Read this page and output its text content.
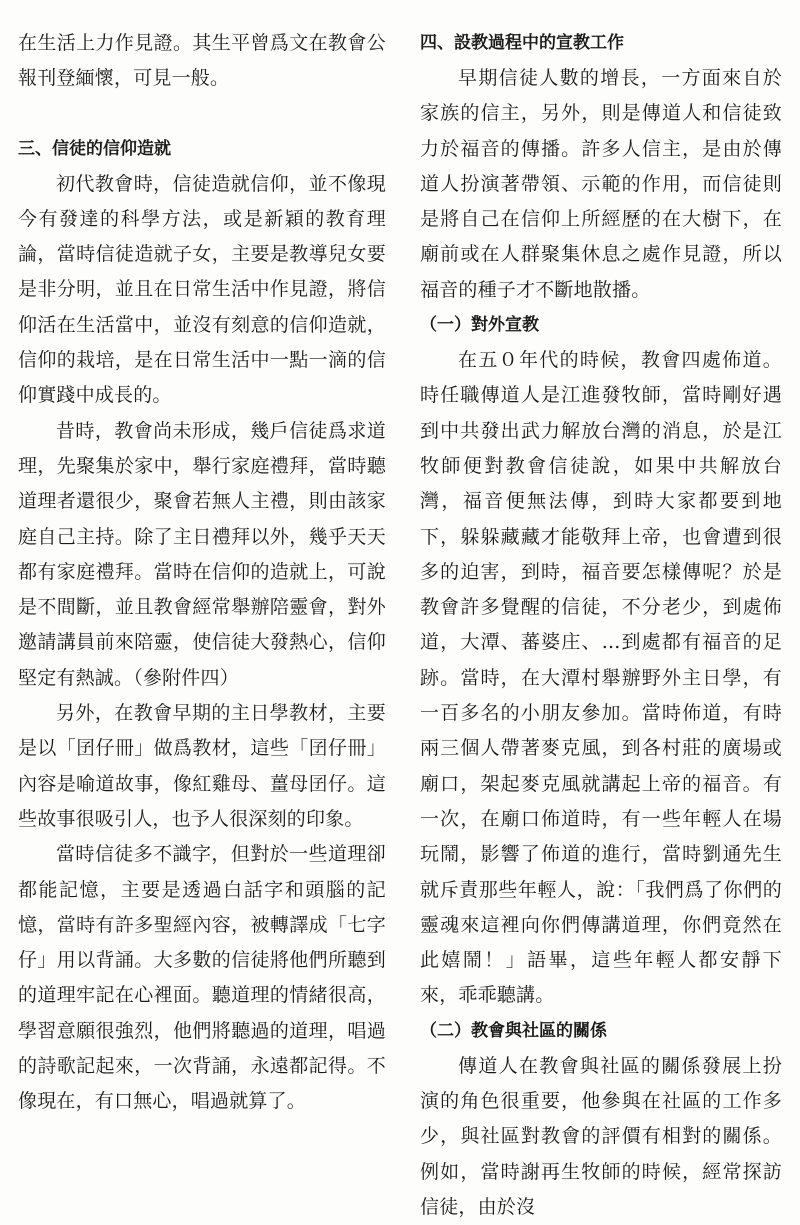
在生活上力作見證。其生平曾爲文在教會公報刊登緬懷，可見一般。

三、信徒的信仰造就

初代教會時，信徒造就信仰，並不像現今有發達的科學方法，或是新穎的教育理論，當時信徒造就子女，主要是教導兒女要是非分明，並且在日常生活中作見證，將信仰活在生活當中，並沒有刻意的信仰造就，信仰的栽培，是在日常生活中一點一滴的信仰實踐中成長的。

昔時，教會尚未形成，幾戶信徒爲求道理，先聚集於家中，舉行家庭禮拜，當時聽道理者還很少，聚會若無人主禮，則由該家庭自己主持。除了主日禮拜以外，幾乎天天都有家庭禮拜。當時在信仰的造就上，可說是不間斷，並且教會經常舉辦陪靈會，對外邀請講員前來陪靈，使信徒大發熱心，信仰堅定有熱誠。（參附件四）

另外，在教會早期的主日學教材，主要是以「囝仔冊」做爲教材，這些「囝仔冊」內容是喻道故事，像紅雞母、薑母囝仔。這些故事很吸引人，也予人很深刻的印象。

當時信徒多不識字，但對於一些道理卻都能記憶，主要是透過白話字和頭腦的記憶，當時有許多聖經內容，被轉譯成「七字仔」用以背誦。大多數的信徒將他們所聽到的道理牢記在心裡面。聽道理的情緒很高，學習意願很強烈，他們將聽過的道理，唱過的詩歌記起來，一次背誦，永遠都記得。不像現在，有口無心，唱過就算了。

四、設教過程中的宣教工作

早期信徒人數的增長，一方面來自於家族的信主，另外，則是傳道人和信徒致力於福音的傳播。許多人信主，是由於傳道人扮演著帶領、示範的作用，而信徒則是將自己在信仰上所經歷的在大樹下，在廟前或在人群聚集休息之處作見證，所以福音的種子才不斷地散播。

（一）對外宣教

在五０年代的時候，教會四處佈道。時任職傳道人是江進發牧師，當時剛好遇到中共發出武力解放台灣的消息，於是江牧師便對教會信徒說，如果中共解放台灣，福音便無法傳，到時大家都要到地下，躲躲藏藏才能敬拜上帝，也會遭到很多的迫害，到時，福音要怎樣傳呢？於是教會許多覺醒的信徒，不分老少，到處佈道，大潭、蕃婆庄、...到處都有福音的足跡。當時，在大潭村舉辦野外主日學，有一百多名的小朋友參加。當時佈道，有時兩三個人帶著麥克風，到各村莊的廣場或廟口，架起麥克風就講起上帝的福音。有一次，在廟口佈道時，有一些年輕人在場玩鬧，影響了佈道的進行，當時劉通先生就斥責那些年輕人，說：「我們爲了你們的靈魂來這裡向你們傳講道理，你們竟然在此嬉鬧！」語畢，這些年輕人都安靜下來，乖乖聽講。

（二）教會與社區的關係

傳道人在教會與社區的關係發展上扮演的角色很重要，他參與在社區的工作多少，與社區對教會的評價有相對的關係。例如，當時謝再生牧師的時候，經常探訪信徒，由於沒
